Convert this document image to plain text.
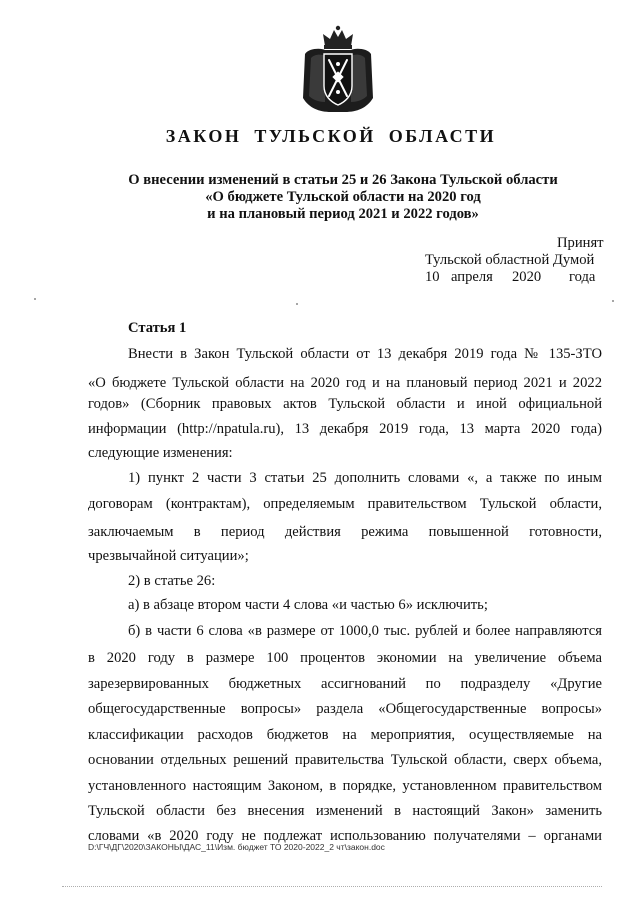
ЗАКОН ТУЛЬСКОЙ ОБЛАСТИ
О внесении изменений в статьи 25 и 26 Закона Тульской области
«О бюджете Тульской области на 2020 год
и на плановый период 2021 и 2022 годов»
Принят
Тульской областной Думой
10 апреля 2020 года
Статья 1
Внести в Закон Тульской области от 13 декабря 2019 года № 135-ЗТО
«О бюджете Тульской области на 2020 год и на плановый период 2021 и 2022
годов» (Сборник правовых актов Тульской области и иной официальной
информации (http://npatula.ru), 13 декабря 2019 года, 13 марта 2020 года)
следующие изменения:
1) пункт 2 части 3 статьи 25 дополнить словами «, а также по иным
договорам (контрактам), определяемым правительством Тульской области,
заключаемым в период действия режима повышенной готовности,
чрезвычайной ситуации»;
2) в статье 26:
а) в абзаце втором части 4 слова «и частью 6» исключить;
б) в части 6 слова «в размере от 1000,0 тыс. рублей и более направляются
в 2020 году в размере 100 процентов экономии на увеличение объема
зарезервированных бюджетных ассигнований по подразделу «Другие
общегосударственные вопросы» раздела «Общегосударственные вопросы»
классификации расходов бюджетов на мероприятия, осуществляемые на
основании отдельных решений правительства Тульской области, сверх объема,
установленного настоящим Законом, в порядке, установленном правительством
Тульской области без внесения изменений в настоящий Закон» заменить
словами «в 2020 году не подлежат использованию получателями – органами
D:\ГЧ\ДГ\2020\ЗАКОНЫ\ДАС_11\Изм. бюджет ТО 2020-2022_2 чт\закон.doc
